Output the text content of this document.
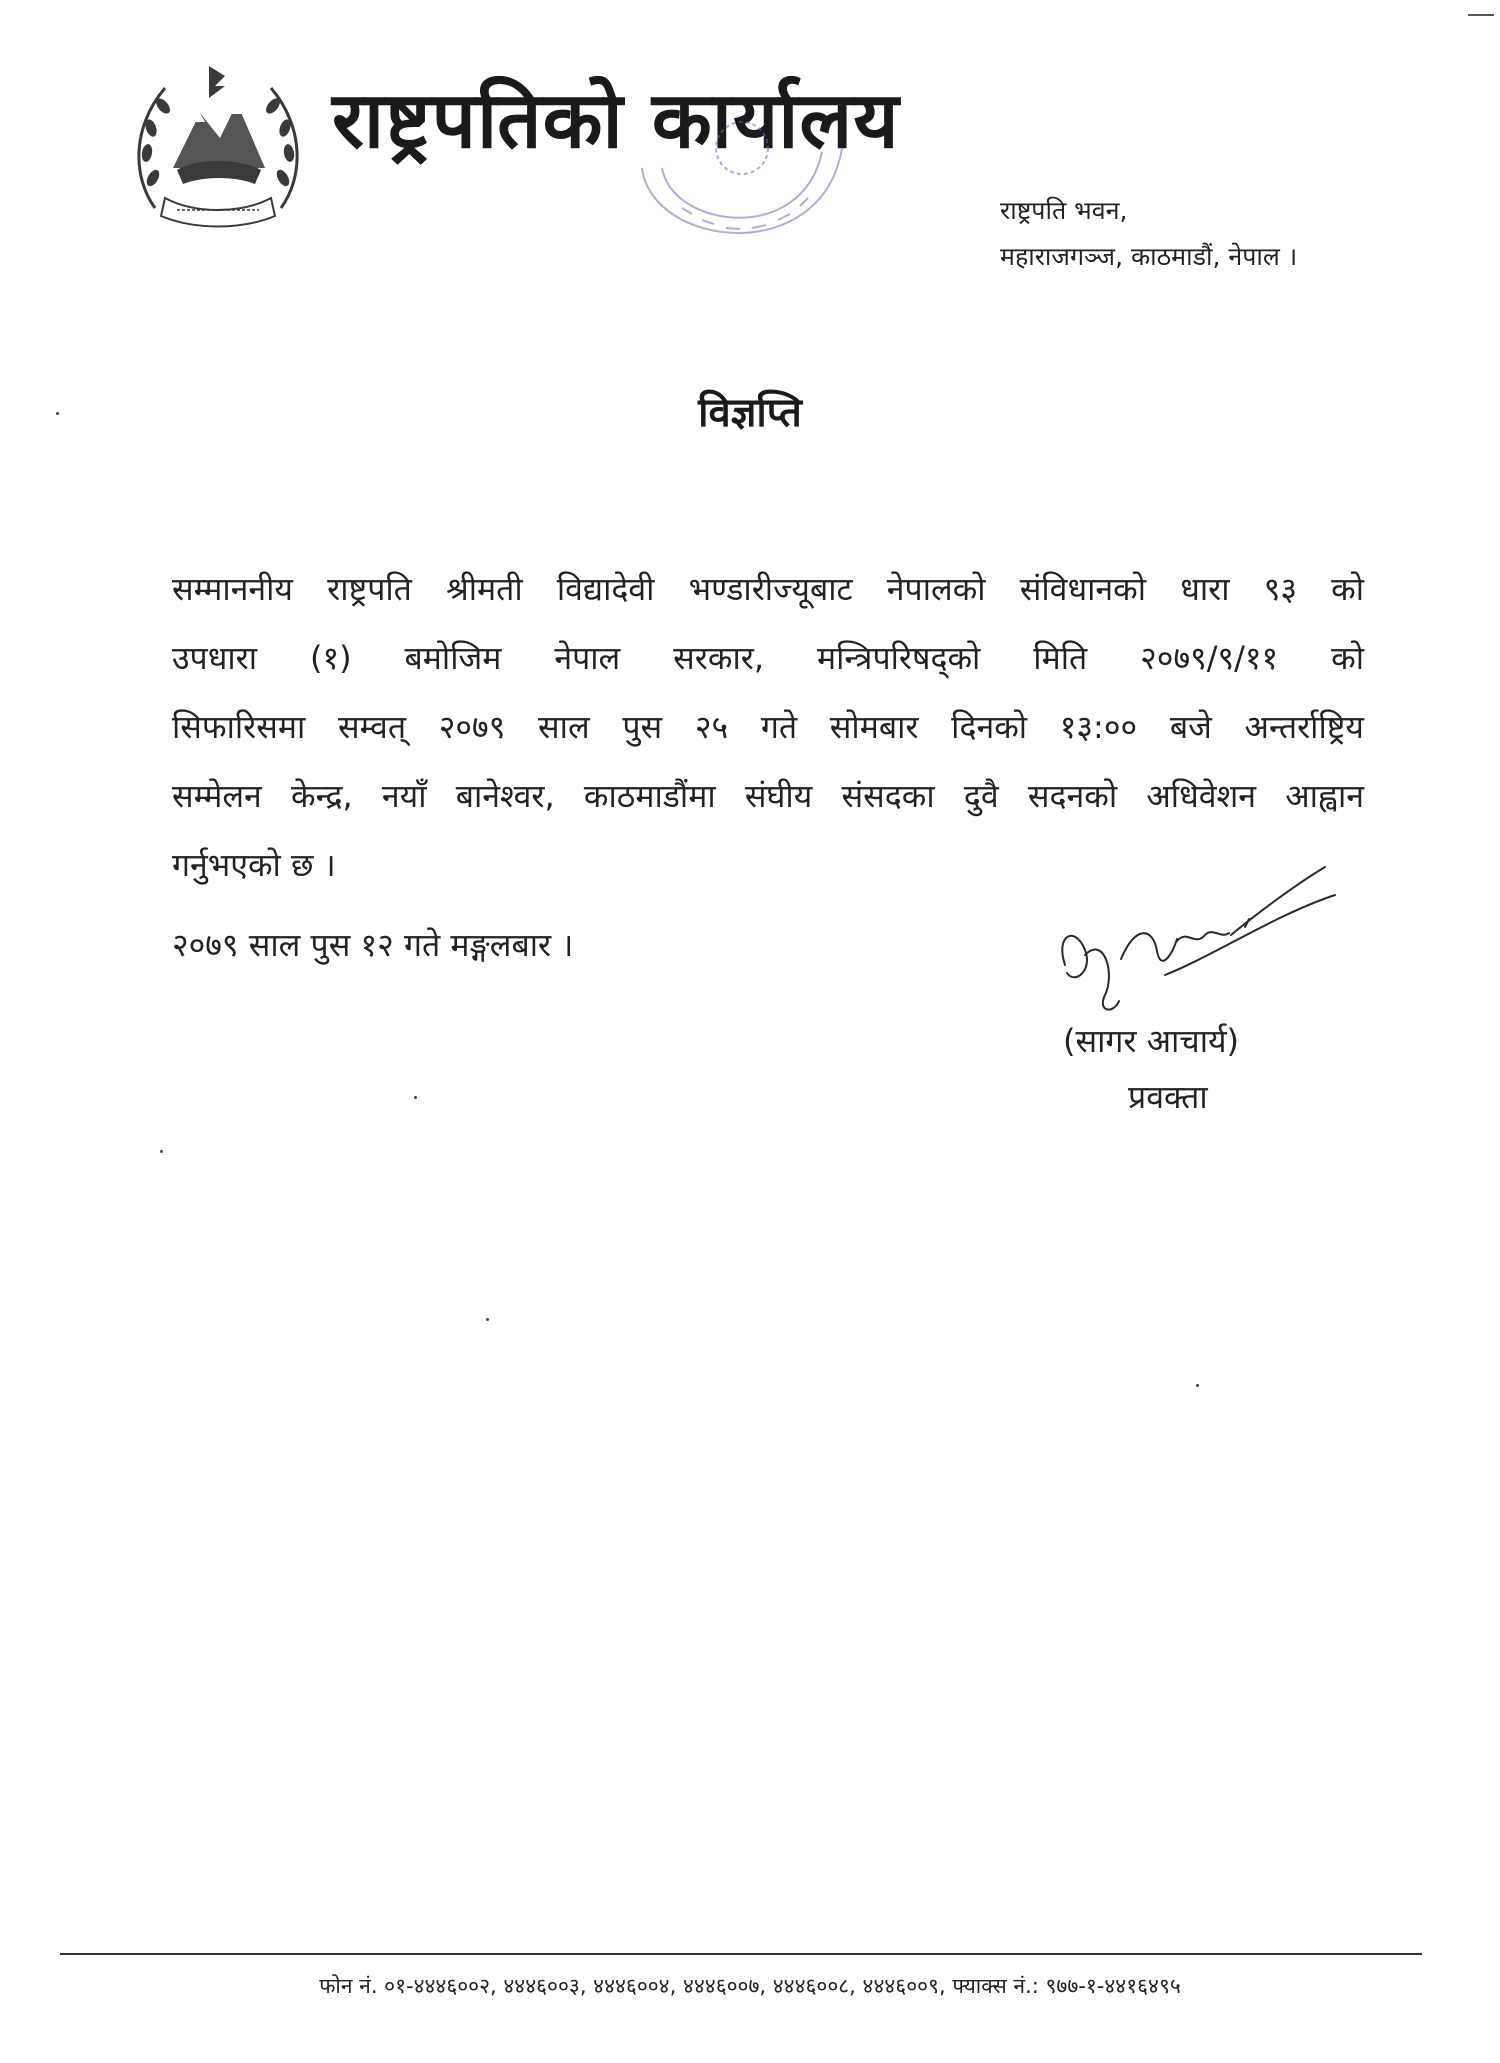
राष्ट्रपतिको कार्यालय
राष्ट्रपति भवन,
महाराजगञ्ज, काठमाडौं, नेपाल ।
विज्ञप्ति
सम्माननीय राष्ट्रपति श्रीमती विद्यादेवी भण्डारीज्यूबाट नेपालको संविधानको धारा ९३ को
उपधारा (१) बमोजिम नेपाल सरकार, मन्त्रिपरिषद्को मिति २०७९/९/११ को
सिफारिसमा सम्वत् २०७९ साल पुस २५ गते सोमबार दिनको १३:०० बजे अन्तर्राष्ट्रिय
सम्मेलन केन्द्र, नयाँ बानेश्वर, काठमाडौंमा संघीय संसदका दुवै सदनको अधिवेशन आह्वान
गर्नुभएको छ ।
२०७९ साल पुस १२ गते मङ्गलबार ।
(सागर आचार्य)
प्रवक्ता
फोन नं. ०१-४४४६००२, ४४४६००३, ४४४६००४, ४४४६००७, ४४४६००८, ४४४६००९, फ्याक्स नं.: ९७७-१-४४१६४९५
